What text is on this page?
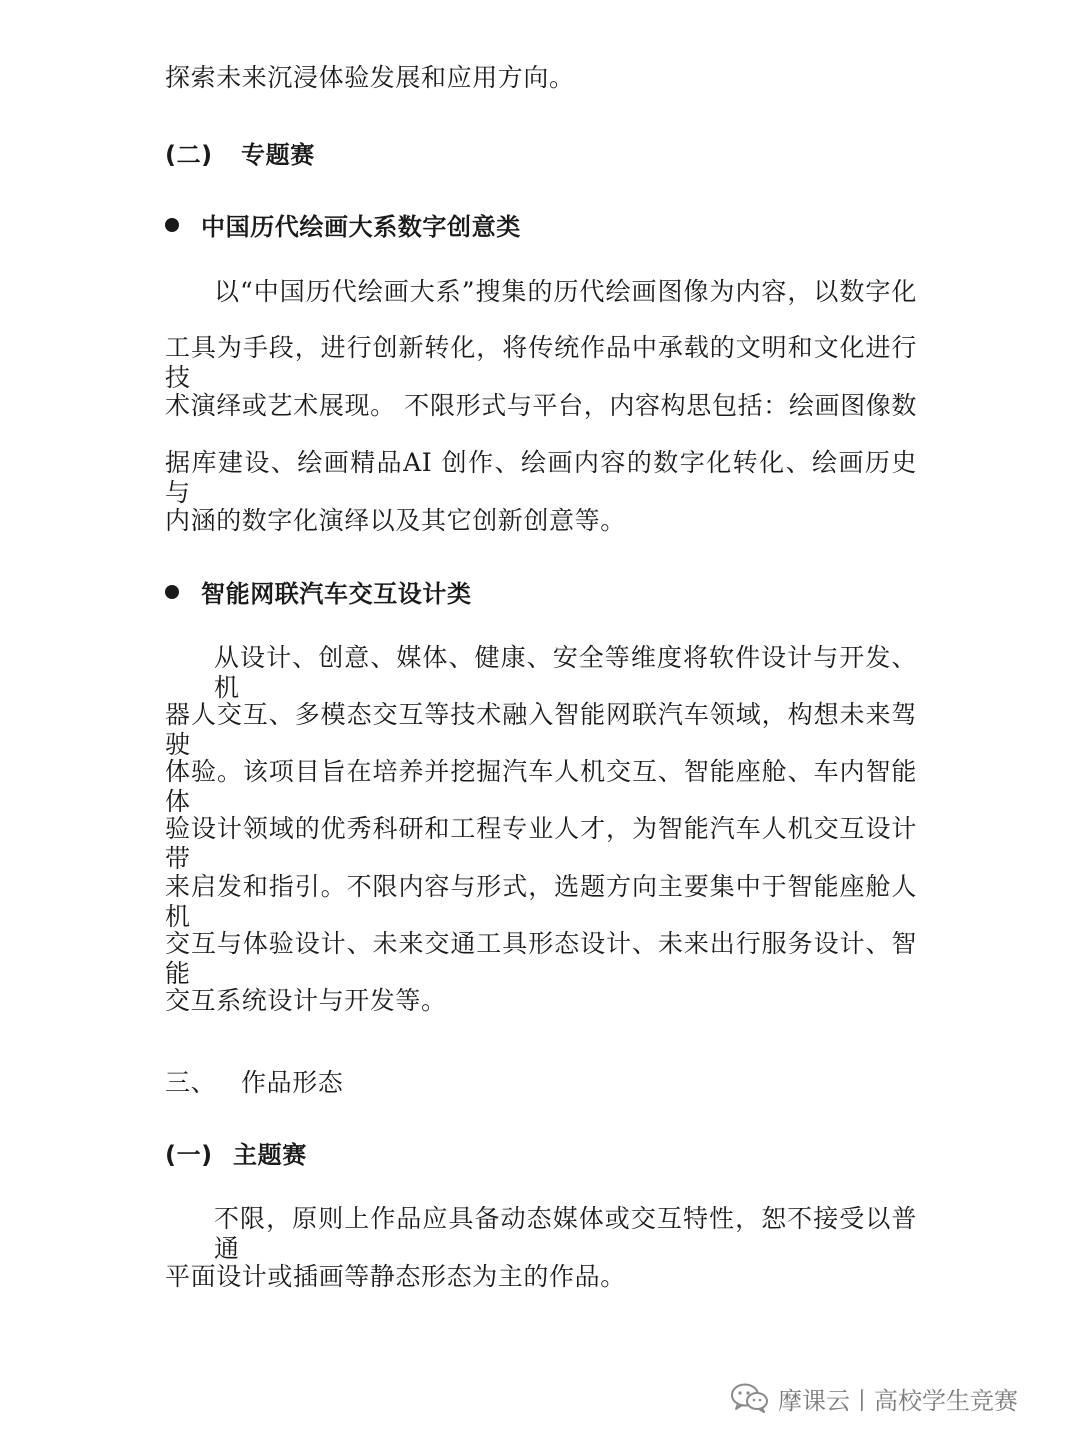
探索未来沉浸体验发展和应用方向。
(二) 专题赛
中国历代绘画大系数字创意类
以“中国历代绘画大系”搜集的历代绘画图像为内容，以数字化
工具为手段，进行创新转化，将传统作品中承载的文明和文化进行技
术演绎或艺术展现。 不限形式与平台，内容构思包括：绘画图像数
据库建设、绘画精品AI 创作、绘画内容的数字化转化、绘画历史与
内涵的数字化演绎以及其它创新创意等。
智能网联汽车交互设计类
从设计、创意、媒体、健康、安全等维度将软件设计与开发、机
器人交互、多模态交互等技术融入智能网联汽车领域，构想未来驾驶
体验。该项目旨在培养并挖掘汽车人机交互、智能座舱、车内智能体
验设计领域的优秀科研和工程专业人才，为智能汽车人机交互设计带
来启发和指引。不限内容与形式，选题方向主要集中于智能座舱人机
交互与体验设计、未来交通工具形态设计、未来出行服务设计、智能
交互系统设计与开发等。
三、 作品形态
(一) 主题赛
不限，原则上作品应具备动态媒体或交互特性，恕不接受以普通
平面设计或插画等静态形态为主的作品。
摩课云丨高校学生竞赛
